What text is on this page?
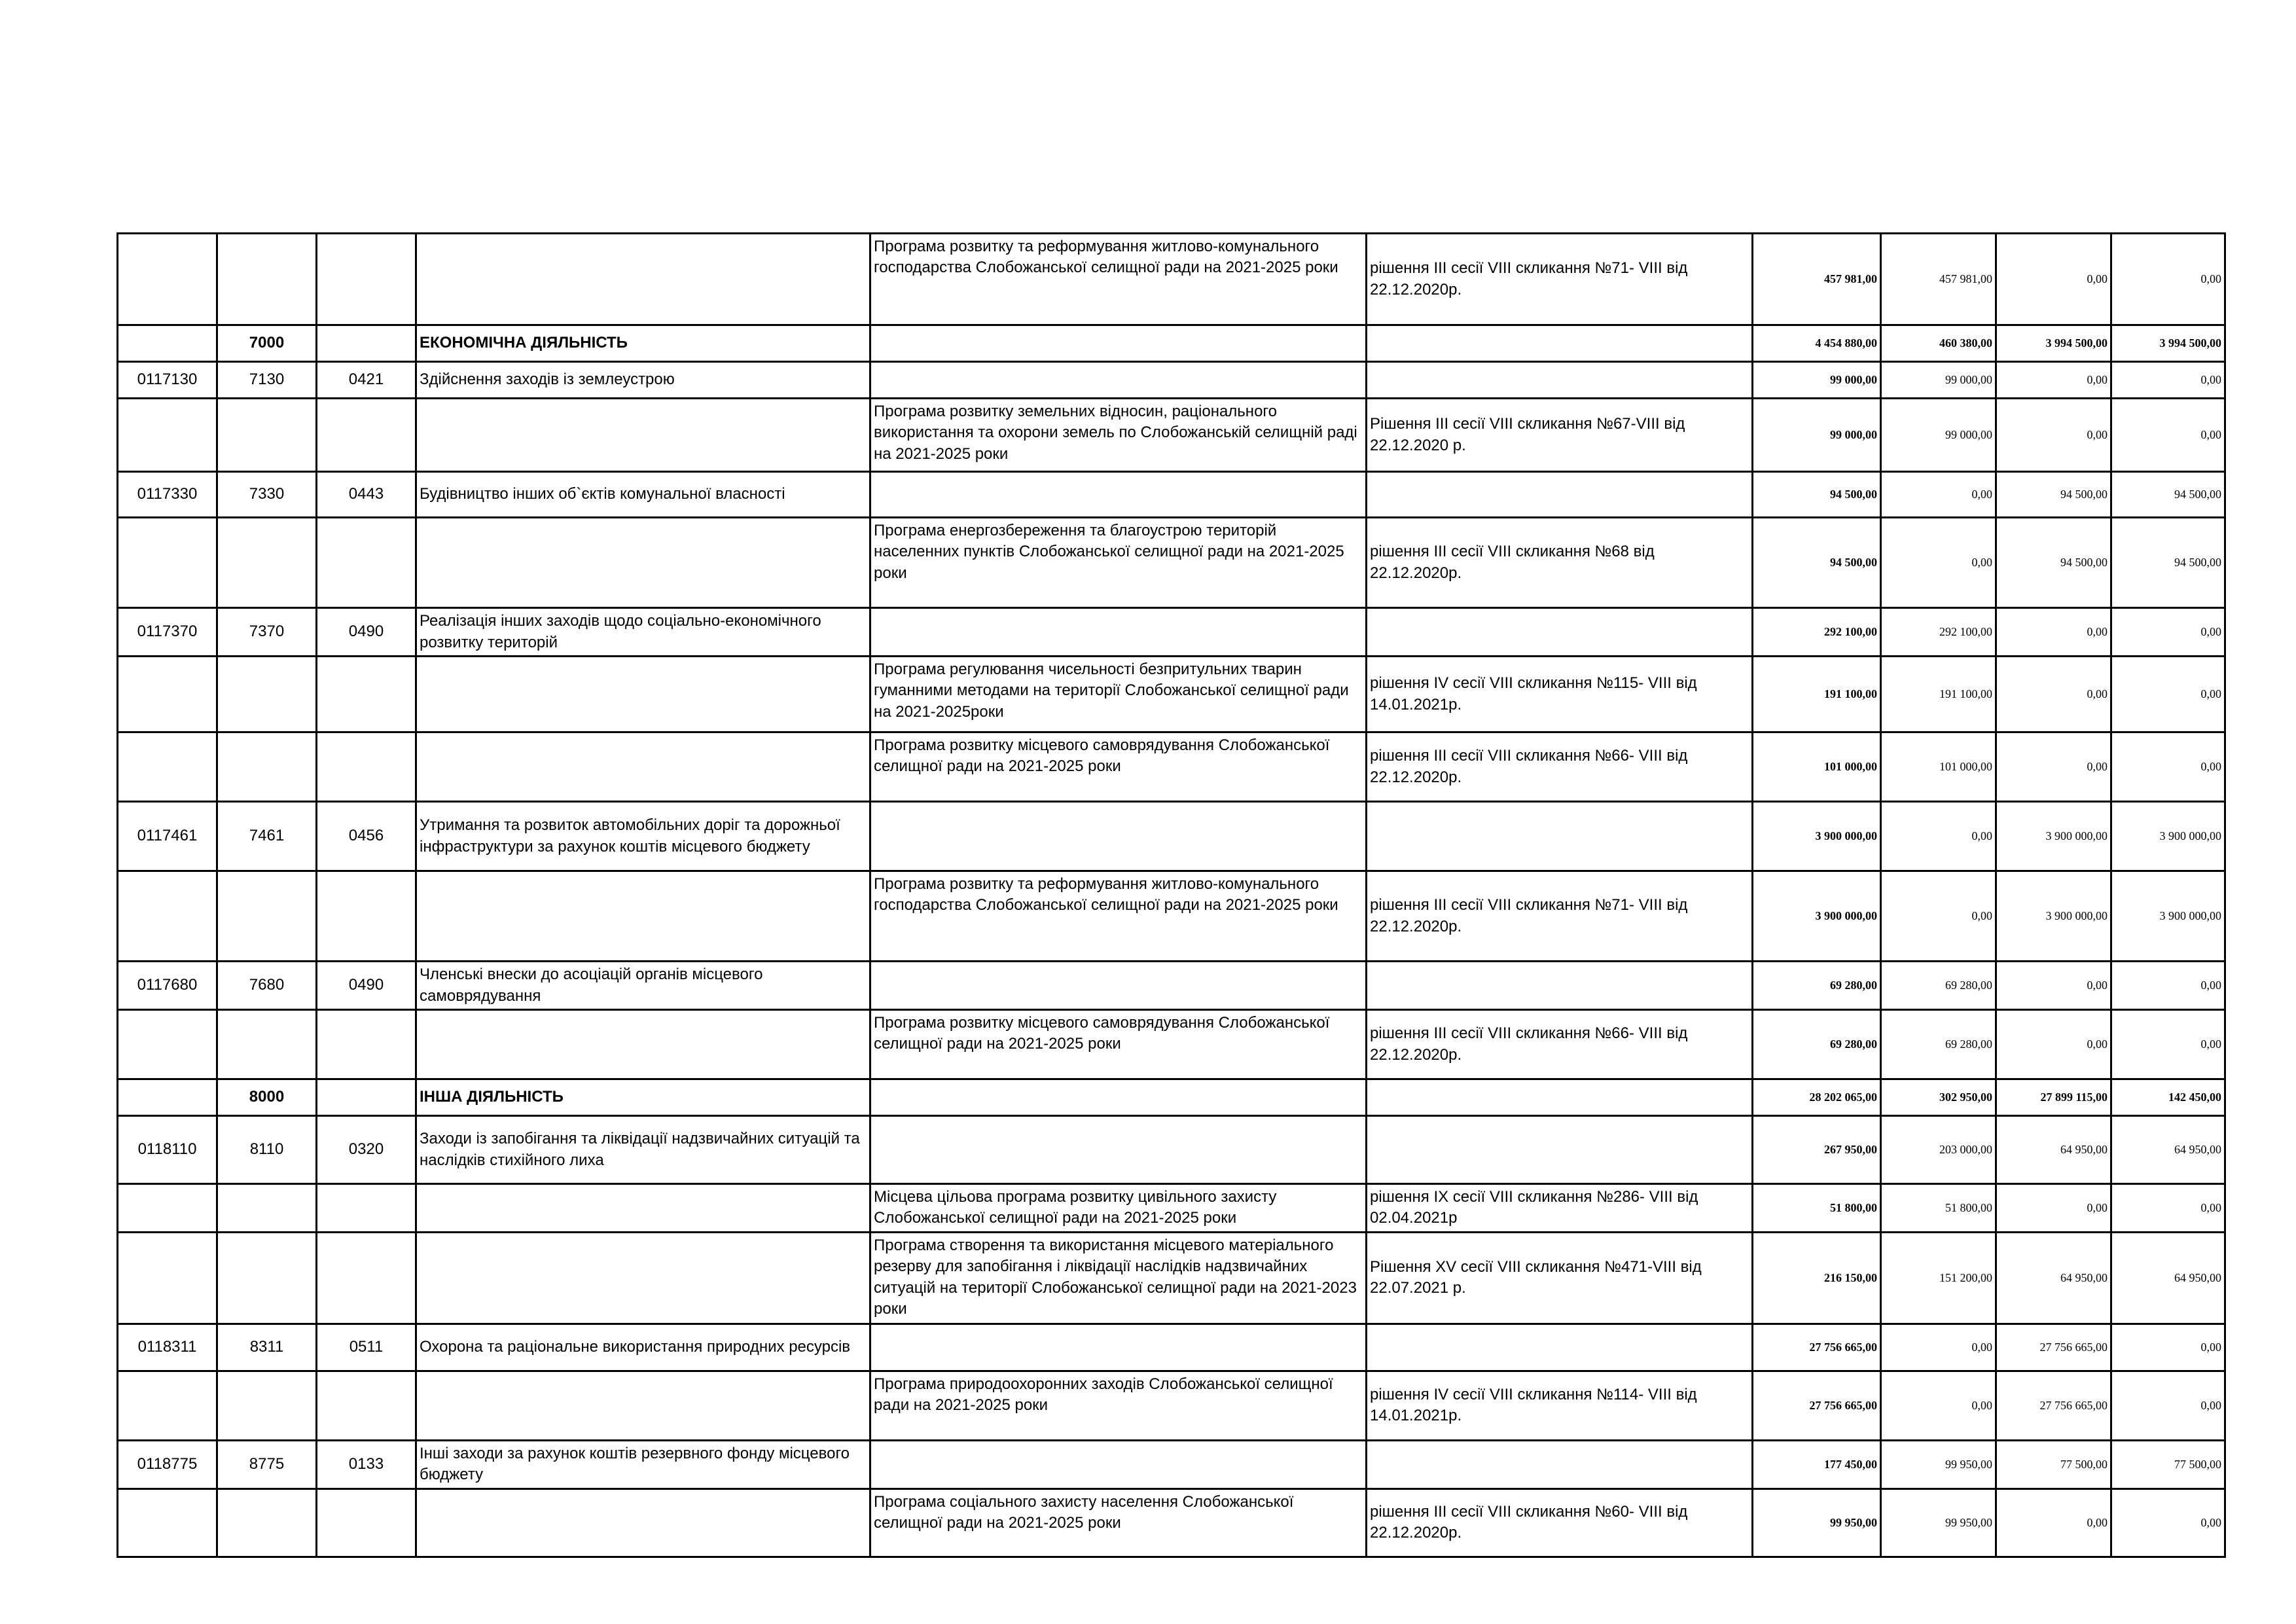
				Програма розвитку та реформування житлово-комунального господарства Слобожанської селищної ради на 2021-2025 роки	рішення ІІІ сесії VIII скликання №71- VIII від 22.12.2020р.	457 981,00	457 981,00	0,00	0,00
	7000		ЕКОНОМІЧНА ДІЯЛЬНІСТЬ			4 454 880,00	460 380,00	3 994 500,00	3 994 500,00
0117130	7130	0421	Здійснення заходів із землеустрою			99 000,00	99 000,00	0,00	0,00
				Програма розвитку земельних відносин, раціонального використання та охорони земель по Слобожанській селищній раді на 2021-2025 роки	Рішення ІІІ сесії VIII скликання №67-VIII від 22.12.2020 р.	99 000,00	99 000,00	0,00	0,00
0117330	7330	0443	Будівництво інших об`єктів комунальної власності			94 500,00	0,00	94 500,00	94 500,00
				Програма енергозбереження та благоустрою територій населенних пунктів Слобожанської селищної ради на 2021-2025 роки	рішення ІІІ сесії VIII скликання №68 від 22.12.2020р.	94 500,00	0,00	94 500,00	94 500,00
0117370	7370	0490	Реалізація інших заходів щодо соціально-економічного розвитку територій			292 100,00	292 100,00	0,00	0,00
				Програма регулювання чисельності безпритульних тварин гуманними методами на території Слобожанської селищної ради на 2021-2025роки	рішення ІV сесії VIII скликання №115- VIII від 14.01.2021р.	191 100,00	191 100,00	0,00	0,00
				Програма розвитку місцевого самоврядування Слобожанської селищної ради на 2021-2025 роки	рішення ІІІ сесії VIII скликання №66- VIII від 22.12.2020р.	101 000,00	101 000,00	0,00	0,00
0117461	7461	0456	Утримання та розвиток автомобільних доріг та дорожньої інфраструктури за рахунок коштів місцевого бюджету			3 900 000,00	0,00	3 900 000,00	3 900 000,00
				Програма розвитку та реформування житлово-комунального господарства Слобожанської селищної ради на 2021-2025 роки	рішення ІІІ сесії VIII скликання №71- VIII від 22.12.2020р.	3 900 000,00	0,00	3 900 000,00	3 900 000,00
0117680	7680	0490	Членські внески до асоціацій органів місцевого самоврядування			69 280,00	69 280,00	0,00	0,00
				Програма розвитку місцевого самоврядування Слобожанської селищної ради на 2021-2025 роки	рішення ІІІ сесії VIII скликання №66- VIII від 22.12.2020р.	69 280,00	69 280,00	0,00	0,00
	8000		ІНША ДІЯЛЬНІСТЬ			28 202 065,00	302 950,00	27 899 115,00	142 450,00
0118110	8110	0320	Заходи із запобігання та ліквідації надзвичайних ситуацій та наслідків стихійного лиха			267 950,00	203 000,00	64 950,00	64 950,00
				Місцева цільова програма розвитку цивільного захисту Слобожанської селищної ради на 2021-2025 роки	рішення ІХ сесії VIII скликання №286- VIII від 02.04.2021р	51 800,00	51 800,00	0,00	0,00
				Програма створення та використання місцевого матеріального резерву для запобігання і ліквідації наслідків надзвичайних ситуацій на території Слобожанської селищної ради на 2021-2023 роки	Рішення ХV сесії VIII скликання №471-VIII від 22.07.2021 р.	216 150,00	151 200,00	64 950,00	64 950,00
0118311	8311	0511	Охорона та раціональне використання природних ресурсів			27 756 665,00	0,00	27 756 665,00	0,00
				Програма природоохоронних заходів Слобожанської селищної ради на 2021-2025 роки	рішення ІV сесії VIII скликання №114- VIII від 14.01.2021р.	27 756 665,00	0,00	27 756 665,00	0,00
0118775	8775	0133	Інші заходи за рахунок коштів резервного фонду місцевого бюджету			177 450,00	99 950,00	77 500,00	77 500,00
				Програма соціального захисту населення Слобожанської селищної ради на 2021-2025 роки	рішення ІІІ сесії VIII скликання №60- VIII від 22.12.2020р.	99 950,00	99 950,00	0,00	0,00
